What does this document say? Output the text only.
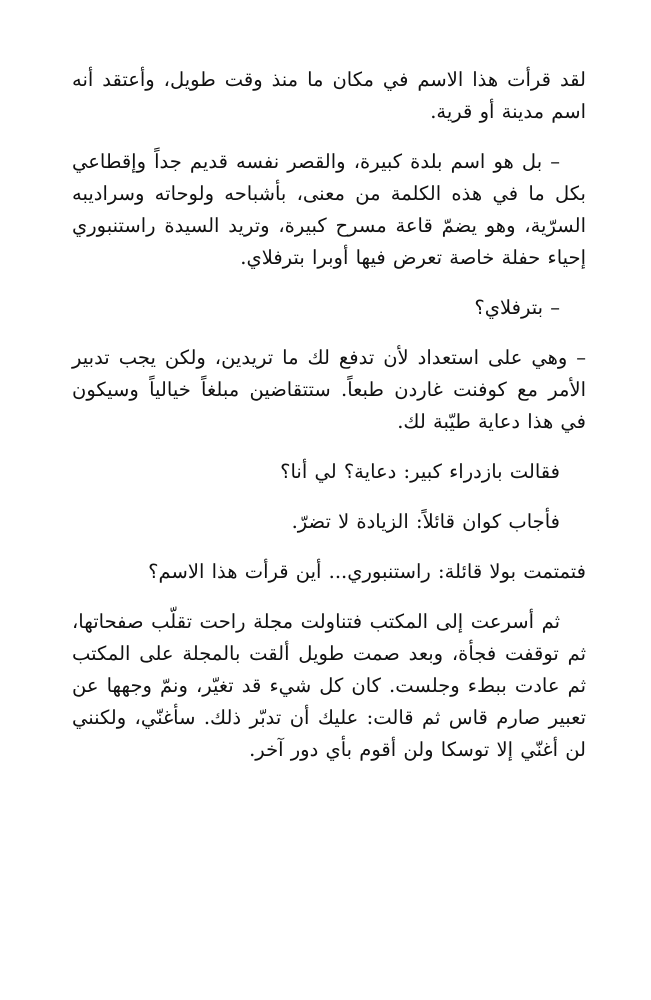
لقد قرأت هذا الاسم في مكان ما منذ وقت طويل، وأعتقد أنه اسم مدينة أو قرية.

– بل هو اسم بلدة كبيرة، والقصر نفسه قديم جداً وإقطاعي بكل ما في هذه الكلمة من معنى، بأشباحه ولوحاته وسراديبه السرّية، وهو يضمّ قاعة مسرح كبيرة، وتريد السيدة راستنبوري إحياء حفلة خاصة تعرض فيها أوبرا بترفلاي.

– بترفلاي؟

– وهي على استعداد لأن تدفع لك ما تريدين، ولكن يجب تدبير الأمر مع كوفنت غاردن طبعاً. ستتقاضين مبلغاً خيالياً وسيكون في هذا دعاية طيّبة لك.

فقالت بازدراء كبير: دعاية؟ لي أنا؟

فأجاب كوان قائلاً: الزيادة لا تضرّ.

فتمتمت بولا قائلة: راستنبوري... أين قرأت هذا الاسم؟

ثم أسرعت إلى المكتب فتناولت مجلة راحت تقلّب صفحاتها، ثم توقفت فجأة، وبعد صمت طويل ألقت بالمجلة على المكتب ثم عادت ببطء وجلست. كان كل شيء قد تغيّر، ونمّ وجهها عن تعبير صارم قاس ثم قالت: عليك أن تدبّر ذلك. سأغنّي، ولكنني لن أغنّي إلا توسكا ولن أقوم بأي دور آخر.
